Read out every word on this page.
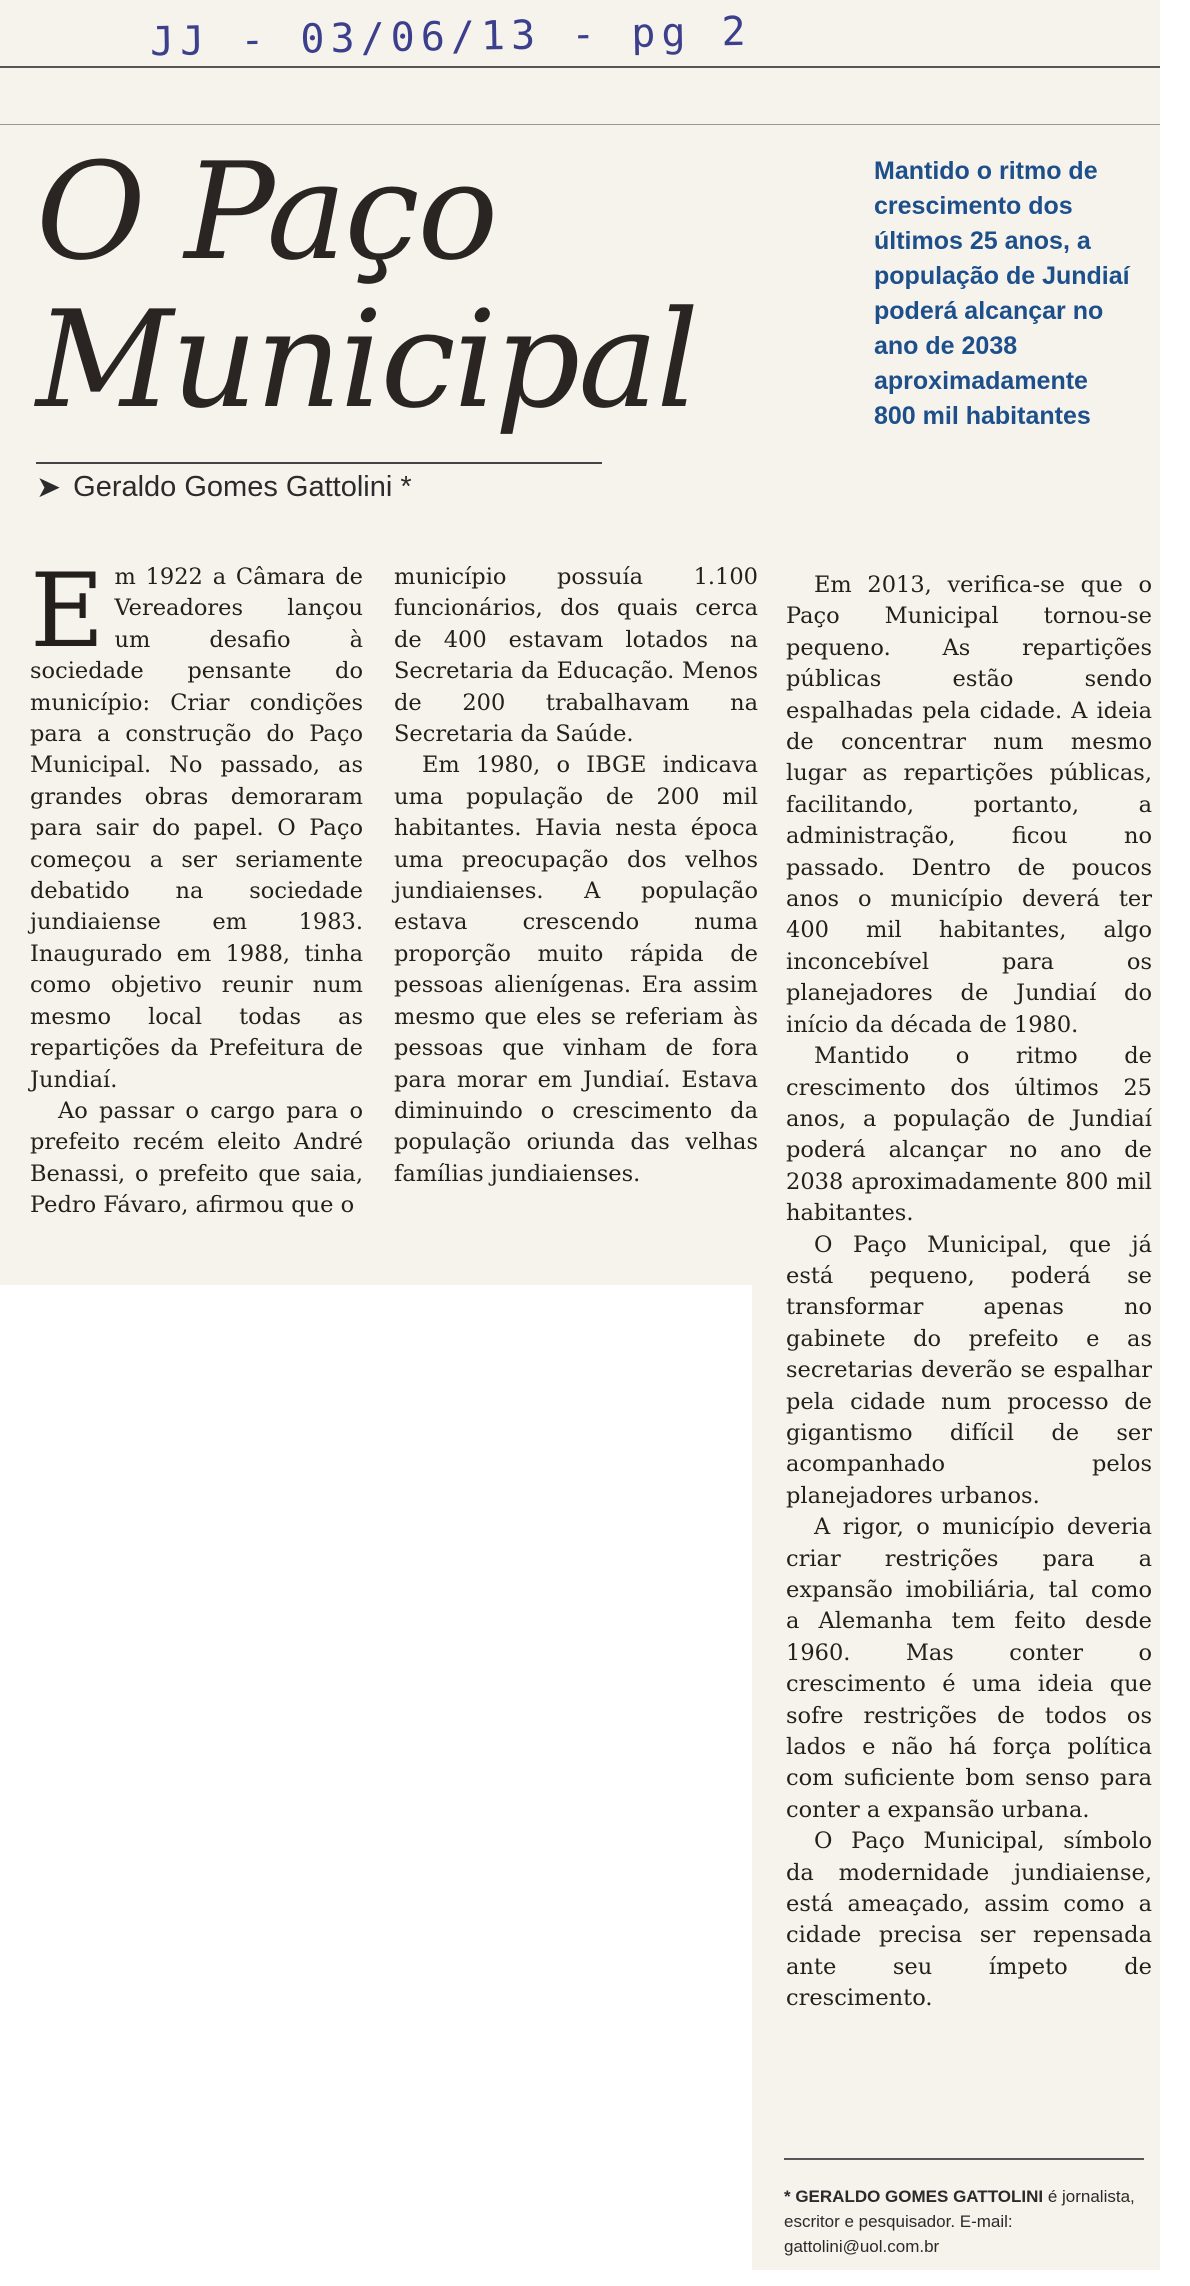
JJ - 03/06/13 - pg 2
O Paço
Municipal
➤ Geraldo Gomes Gattolini *

Mantido o ritmo de crescimento dos últimos 25 anos, a população de Jundiaí poderá alcançar no ano de 2038 aproximadamente 800 mil habitantes

Em 1922 a Câmara de Vereadores lançou um desafio à sociedade pensante do município: Criar condições para a construção do Paço Municipal. No passado, as grandes obras demoraram para sair do papel. O Paço começou a ser seriamente debatido na sociedade jundiaiense em 1983. Inaugurado em 1988, tinha como objetivo reunir num mesmo local todas as repartições da Prefeitura de Jundiaí.

Ao passar o cargo para o prefeito recém eleito André Benassi, o prefeito que saia, Pedro Fávaro, afirmou que o

município possuía 1.100 funcionários, dos quais cerca de 400 estavam lotados na Secretaria da Educação. Menos de 200 trabalhavam na Secretaria da Saúde.

Em 1980, o IBGE indicava uma população de 200 mil habitantes. Havia nesta época uma preocupação dos velhos jundiaienses. A população estava crescendo numa proporção muito rápida de pessoas alienígenas. Era assim mesmo que eles se referiam às pessoas que vinham de fora para morar em Jundiaí. Estava diminuindo o crescimento da população oriunda das velhas famílias jundiaienses.

Em 2013, verifica-se que o Paço Municipal tornou-se pequeno. As repartições públicas estão sendo espalhadas pela cidade. A ideia de concentrar num mesmo lugar as repartições públicas, facilitando, portanto, a administração, ficou no passado. Dentro de poucos anos o município deverá ter 400 mil habitantes, algo inconcebível para os planejadores de Jundiaí do início da década de 1980.

Mantido o ritmo de crescimento dos últimos 25 anos, a população de Jundiaí poderá alcançar no ano de 2038 aproximadamente 800 mil habitantes.

O Paço Municipal, que já está pequeno, poderá se transformar apenas no gabinete do prefeito e as secretarias deverão se espalhar pela cidade num processo de gigantismo difícil de ser acompanhado pelos planejadores urbanos.

A rigor, o município deveria criar restrições para a expansão imobiliária, tal como a Alemanha tem feito desde 1960. Mas conter o crescimento é uma ideia que sofre restrições de todos os lados e não há força política com suficiente bom senso para conter a expansão urbana.

O Paço Municipal, símbolo da modernidade jundiaiense, está ameaçado, assim como a cidade precisa ser repensada ante seu ímpeto de crescimento.

* GERALDO GOMES GATTOLINI é jornalista, escritor e pesquisador. E-mail: gattolini@uol.com.br
